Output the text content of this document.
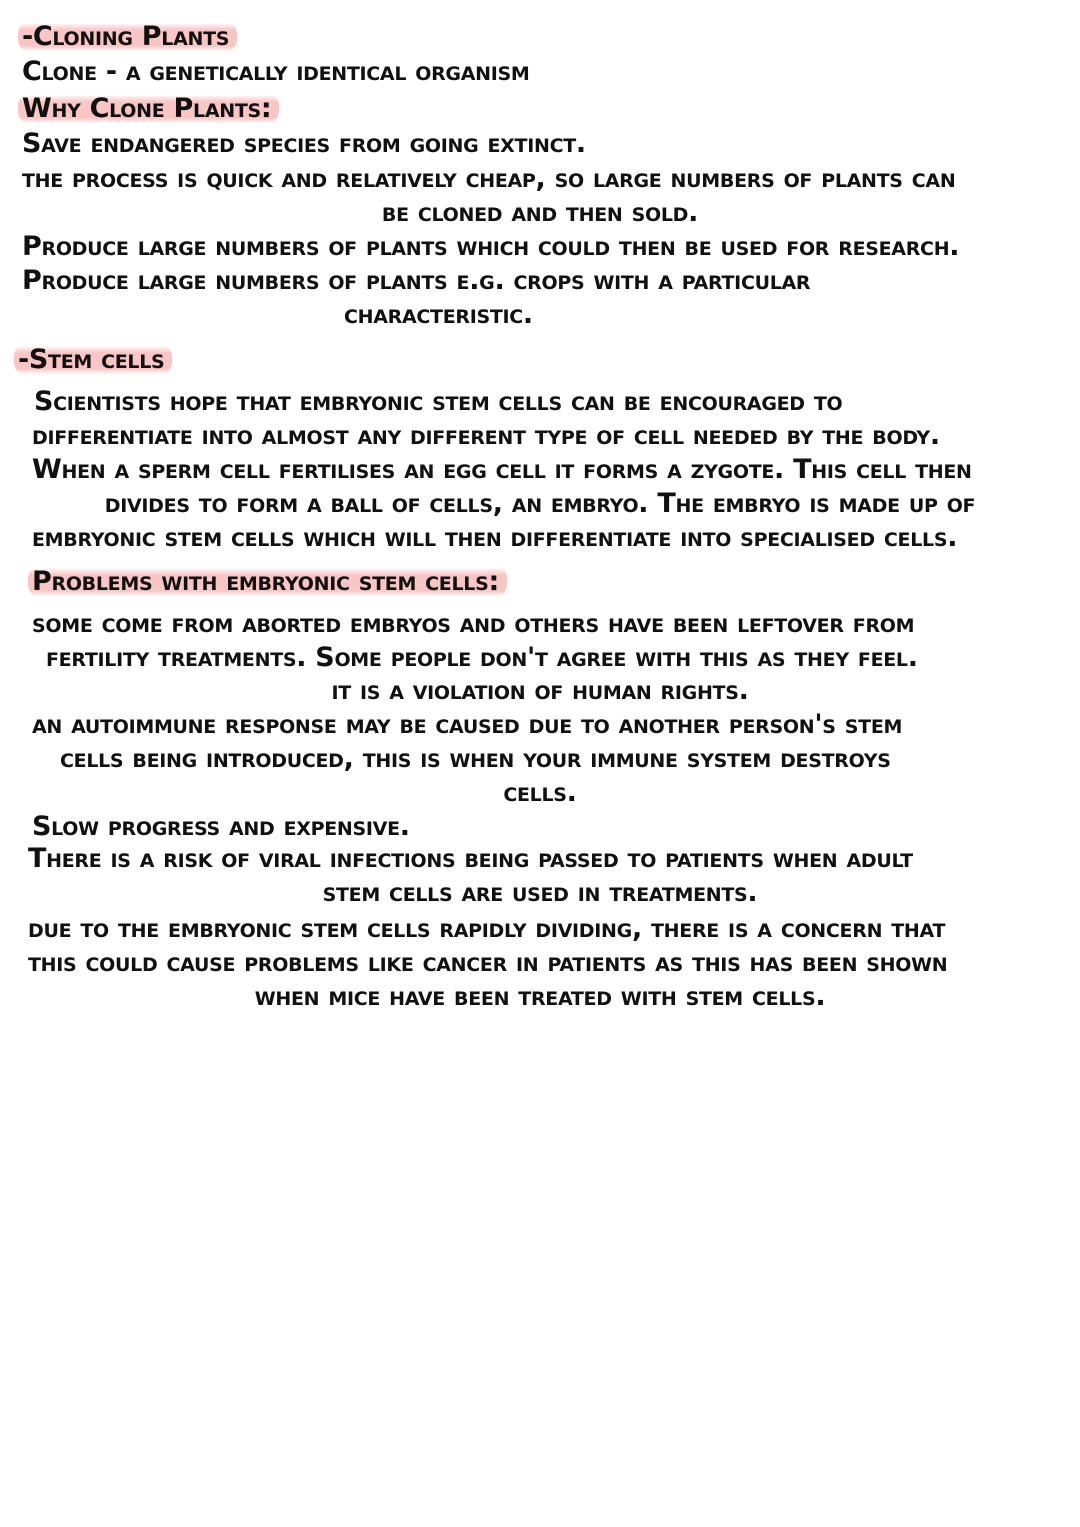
-Cloning Plants
Clone - a genetically identical organism
Why Clone Plants:
Save endangered species from going extinct.
the process is quick and relatively cheap, so large numbers of plants can
be cloned and then sold.
Produce large numbers of plants which could then be used for research.
Produce large numbers of plants e.g. crops with a particular
characteristic.
-Stem cells
Scientists hope that embryonic stem cells can be encouraged to
differentiate into almost any different type of cell needed by the body.
When a sperm cell fertilises an egg cell it forms a zygote. This cell then
divides to form a ball of cells, an embryo. The embryo is made up of
embryonic stem cells which will then differentiate into specialised cells.
Problems with embryonic stem cells:
some come from aborted embryos and others have been leftover from
fertility treatments. Some people don't agree with this as they feel.
it is a violation of human rights.
an autoimmune response may be caused due to another person's stem
cells being introduced, this is when your immune system destroys
cells.
Slow progress and expensive.
There is a risk of viral infections being passed to patients when adult
stem cells are used in treatments.
due to the embryonic stem cells rapidly dividing, there is a concern that
this could cause problems like cancer in patients as this has been shown
when mice have been treated with stem cells.
